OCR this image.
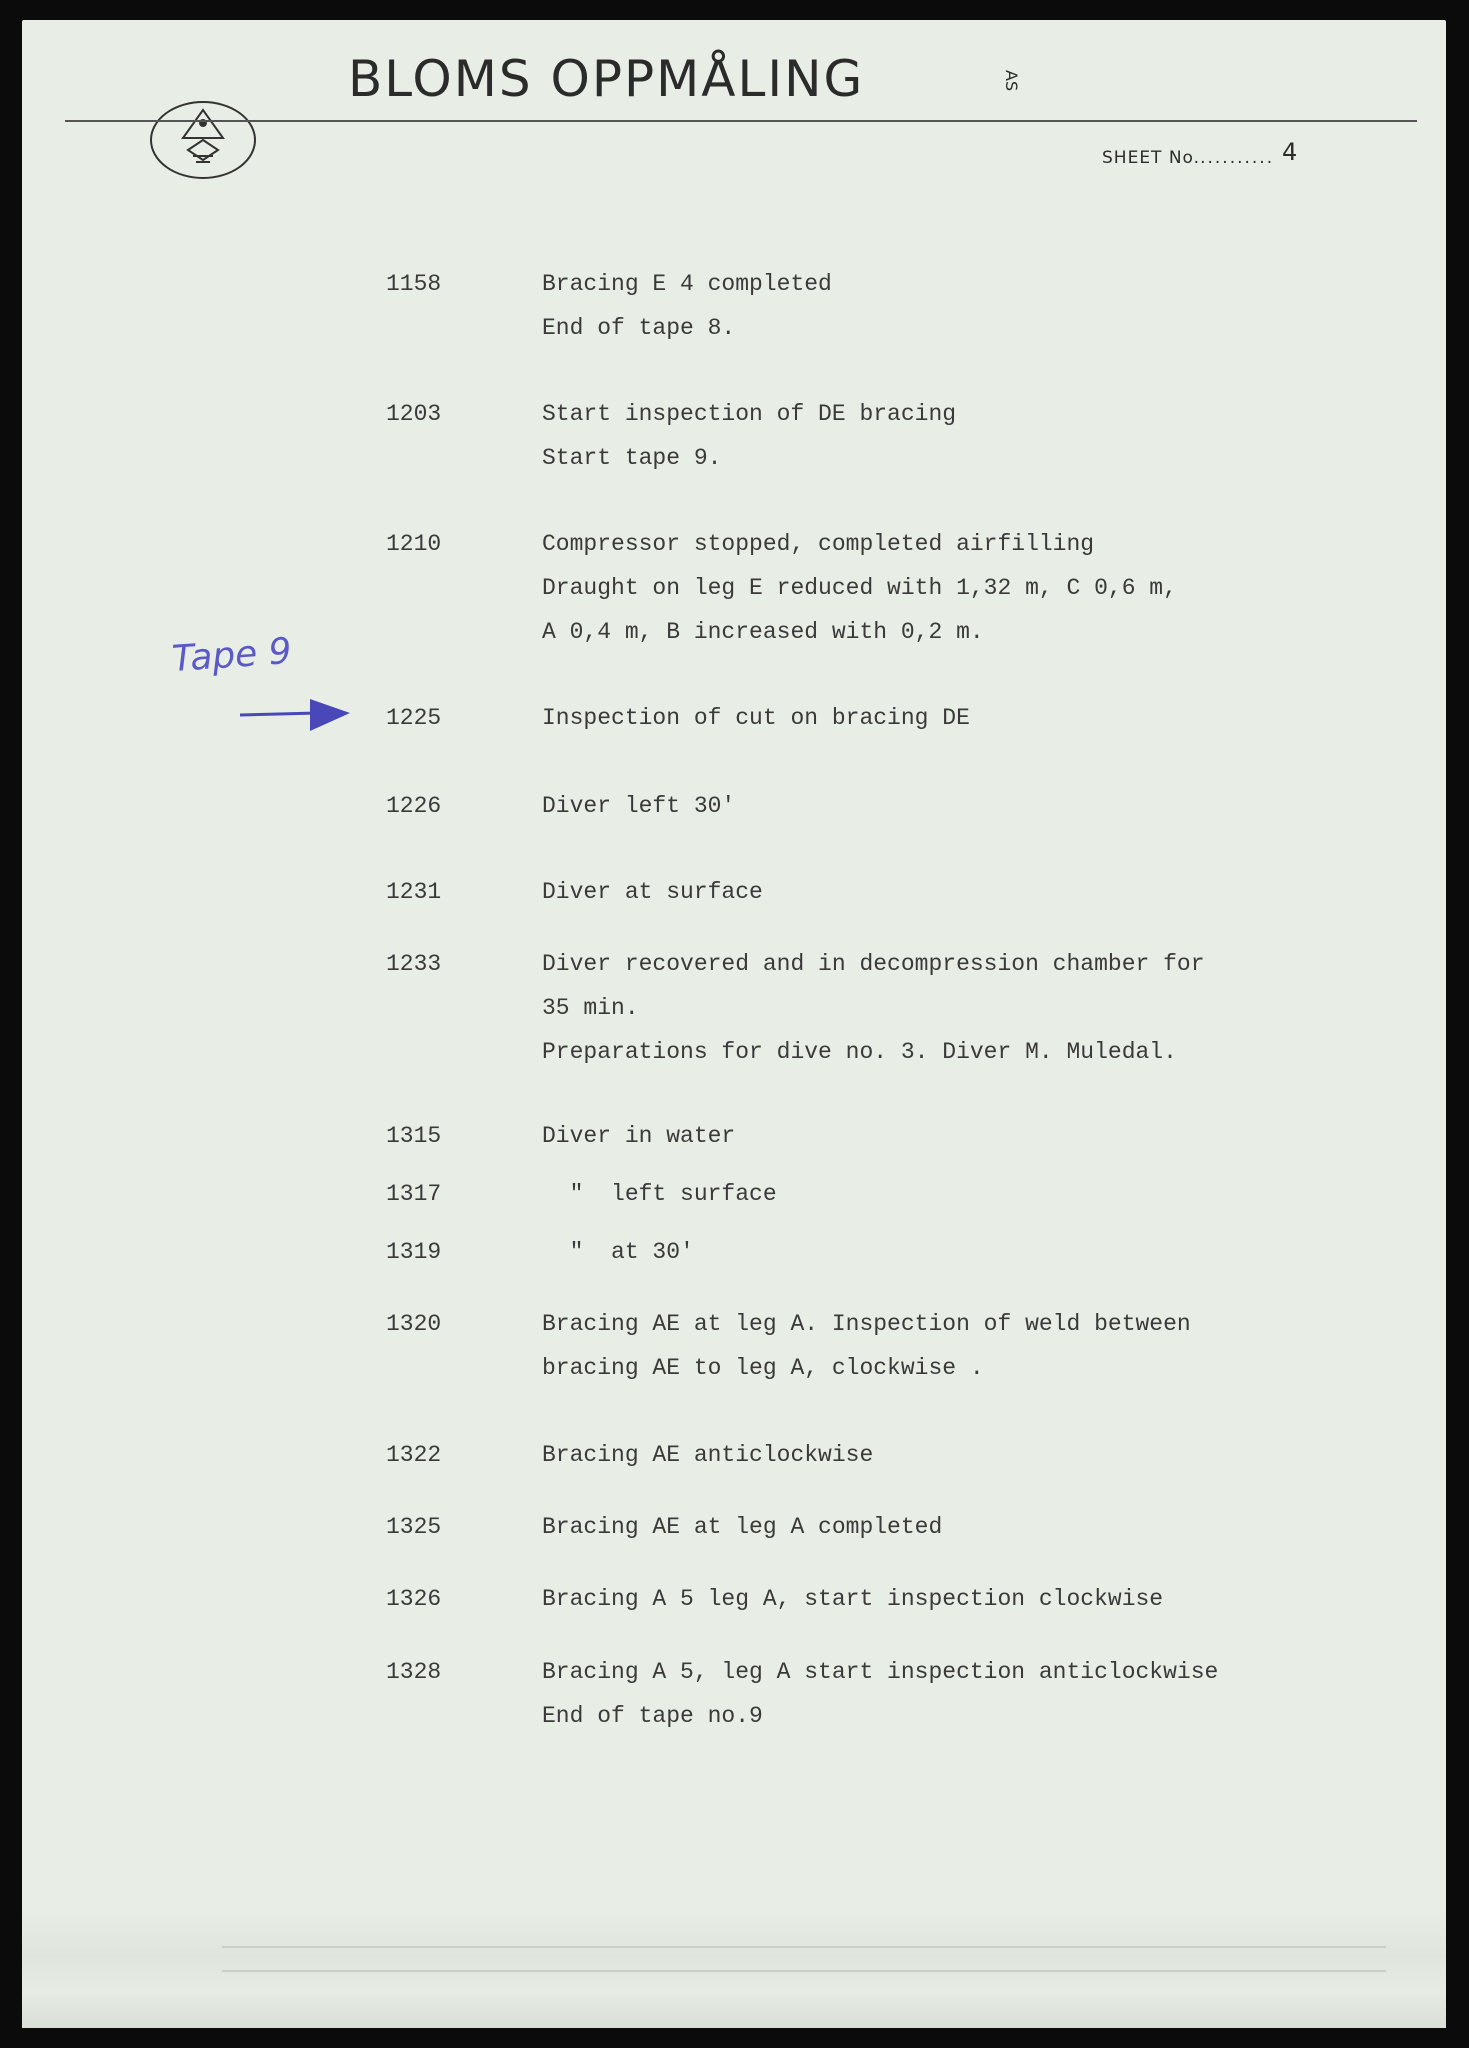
BLOMS OPPMÅLING	AS
SHEET No........... 4
Tape 9
1158	Bracing E 4 completed
End of tape 8.
1203	Start inspection of DE bracing
Start tape 9.
1210	Compressor stopped, completed airfilling
Draught on leg E reduced with 1,32 m, C 0,6 m,
A 0,4 m, B increased with 0,2 m.
1225	Inspection of cut on bracing DE
1226	Diver left 30'
1231	Diver at surface
1233	Diver recovered and in decompression chamber for
35 min.
Preparations for dive no. 3. Diver M. Muledal.
1315	Diver in water
1317	"  left surface
1319	"  at 30'
1320	Bracing AE at leg A. Inspection of weld between
bracing AE to leg A, clockwise .
1322	Bracing AE anticlockwise
1325	Bracing AE at leg A completed
1326	Bracing A 5 leg A, start inspection clockwise
1328	Bracing A 5, leg A start inspection anticlockwise
End of tape no.9
